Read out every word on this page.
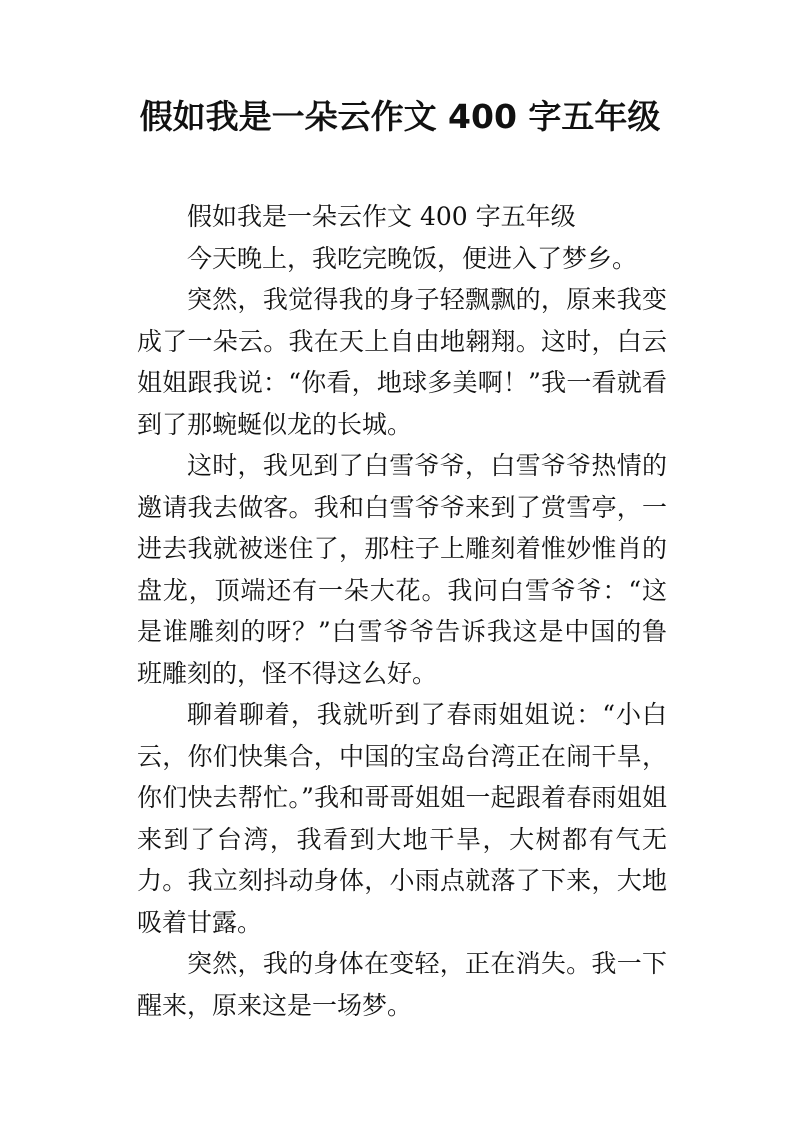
假如我是一朵云作文 400 字五年级

假如我是一朵云作文 400 字五年级

今天晚上，我吃完晚饭，便进入了梦乡。

突然，我觉得我的身子轻飘飘的，原来我变成了一朵云。我在天上自由地翱翔。这时，白云姐姐跟我说：“你看，地球多美啊！”我一看就看到了那蜿蜒似龙的长城。

这时，我见到了白雪爷爷，白雪爷爷热情的邀请我去做客。我和白雪爷爷来到了赏雪亭，一进去我就被迷住了，那柱子上雕刻着惟妙惟肖的盘龙，顶端还有一朵大花。我问白雪爷爷：“这是谁雕刻的呀？”白雪爷爷告诉我这是中国的鲁班雕刻的，怪不得这么好。

聊着聊着，我就听到了春雨姐姐说：“小白云，你们快集合，中国的宝岛台湾正在闹干旱，你们快去帮忙。”我和哥哥姐姐一起跟着春雨姐姐来到了台湾，我看到大地干旱，大树都有气无力。我立刻抖动身体，小雨点就落了下来，大地吸着甘露。

突然，我的身体在变轻，正在消失。我一下醒来，原来这是一场梦。
